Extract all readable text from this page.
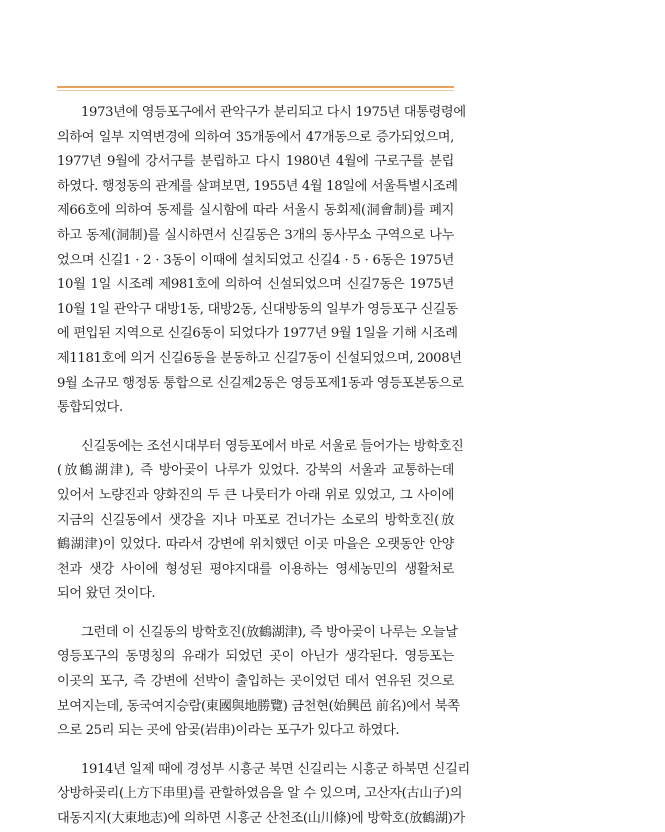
1973년에 영등포구에서 관악구가 분리되고 다시 1975년 대통령령에
의하여 일부 지역변경에 의하여 35개동에서 47개동으로 증가되었으며,
1977년 9월에 강서구를 분립하고 다시 1980년 4월에 구로구를 분립
하였다. 행정동의 관계를 살펴보면, 1955년 4월 18일에 서울특별시조례
제66호에 의하여 동제를 실시함에 따라 서울시 동회제(洞會制)를 폐지
하고 동제(洞制)를 실시하면서 신길동은 3개의 동사무소 구역으로 나누
었으며 신길1 · 2 · 3동이 이때에 설치되었고 신길4 · 5 · 6동은 1975년
10월 1일 시조례 제981호에 의하여 신설되었으며 신길7동은 1975년
10월 1일 관악구 대방1동, 대방2동, 신대방동의 일부가 영등포구 신길동
에 편입된 지역으로 신길6동이 되었다가 1977년 9월 1일을 기해 시조례
제1181호에 의거 신길6동을 분동하고 신길7동이 신설되었으며, 2008년
9월 소규모 행정동 통합으로 신길제2동은 영등포제1동과 영등포본동으로
통합되었다.

신길동에는 조선시대부터 영등포에서 바로 서울로 들어가는 방학호진
(放鶴湖津), 즉 방아곶이 나루가 있었다. 강북의 서울과 교통하는데
있어서 노량진과 양화진의 두 큰 나룻터가 아래 위로 있었고, 그 사이에
지금의 신길동에서 샛강을 지나 마포로 건너가는 소로의 방학호진(放
鶴湖津)이 있었다. 따라서 강변에 위치했던 이곳 마을은 오랫동안 안양
천과 샛강 사이에 형성된 평야지대를 이용하는 영세농민의 생활처로
되어 왔던 것이다.

그런데 이 신길동의 방학호진(放鶴湖津), 즉 방아곶이 나루는 오늘날
영등포구의 동명칭의 유래가 되었던 곳이 아닌가 생각된다. 영등포는
이곳의 포구, 즉 강변에 선박이 출입하는 곳이었던 데서 연유된 것으로
보여지는데, 동국여지승람(東國與地勝覽) 금천현(始興邑 前名)에서 북쪽
으로 25리 되는 곳에 암곶(岩串)이라는 포구가 있다고 하였다.

1914년 일제 때에 경성부 시흥군 북면 신길리는 시흥군 하북면 신길리
상방하곶리(上方下串里)를 관할하였음을 알 수 있으며, 고산자(古山子)의
대동지지(大東地志)에 의하면 시흥군 산천조(山川條)에 방학호(放鶴湖)가
